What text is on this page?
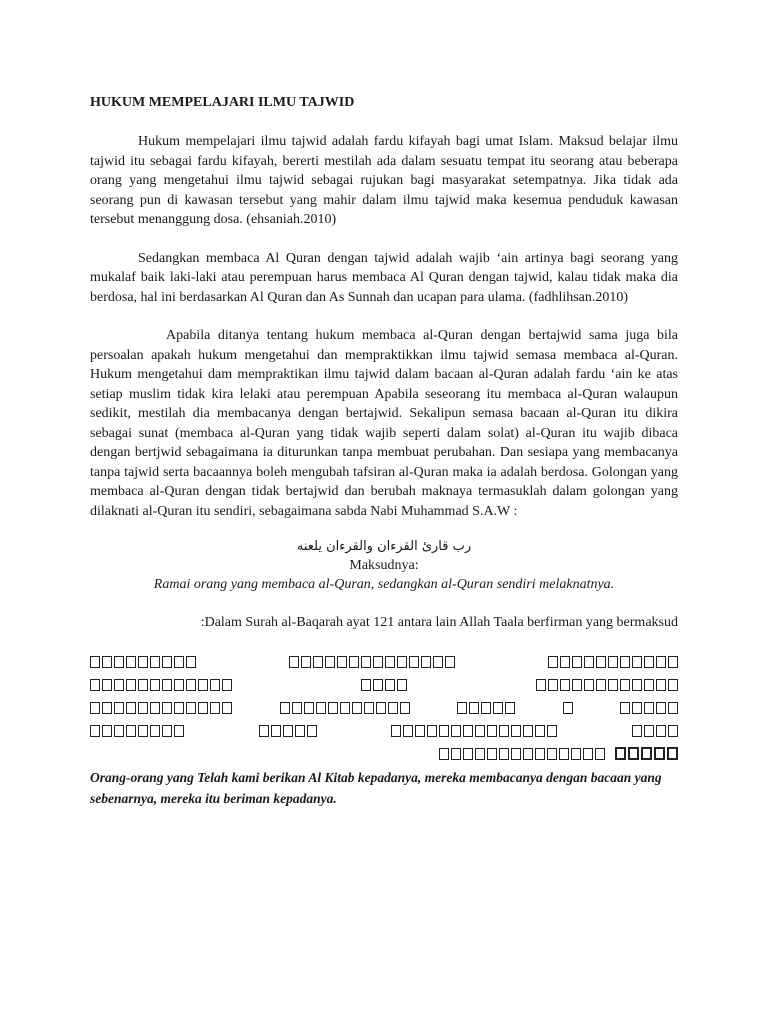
HUKUM MEMPELAJARI ILMU TAJWID

Hukum mempelajari ilmu tajwid adalah fardu kifayah bagi umat Islam. Maksud belajar ilmu tajwid itu sebagai fardu kifayah, bererti mestilah ada dalam sesuatu tempat itu seorang atau beberapa orang yang mengetahui ilmu tajwid sebagai rujukan bagi masyarakat setempatnya. Jika tidak ada seorang pun di kawasan tersebut yang mahir dalam ilmu tajwid maka kesemua penduduk kawasan tersebut menanggung dosa. (ehsaniah.2010)

Sedangkan membaca Al Quran dengan tajwid adalah wajib ‘ain artinya bagi seorang yang mukalaf baik laki-laki atau perempuan harus membaca Al Quran dengan tajwid, kalau tidak maka dia berdosa, hal ini berdasarkan Al Quran dan As Sunnah dan ucapan para ulama. (fadhlihsan.2010)

Apabila ditanya tentang hukum membaca al-Quran dengan bertajwid sama juga bila persoalan apakah hukum mengetahui dan mempraktikkan ilmu tajwid semasa membaca al-Quran. Hukum mengetahui dam mempraktikan ilmu tajwid dalam bacaan al-Quran adalah fardu ‘ain ke atas setiap muslim tidak kira lelaki atau perempuan Apabila seseorang itu membaca al-Quran walaupun sedikit, mestilah dia membacanya dengan bertajwid. Sekalipun semasa bacaan al-Quran itu dikira sebagai sunat (membaca al-Quran yang tidak wajib seperti dalam solat) al-Quran itu wajib dibaca dengan bertjwid sebagaimana ia diturunkan tanpa membuat perubahan. Dan sesiapa yang membacanya tanpa tajwid serta bacaannya boleh mengubah tafsiran al-Quran maka ia adalah berdosa. Golongan yang membaca al-Quran dengan tidak bertajwid dan berubah maknaya termasuklah dalam golongan yang dilaknati al-Quran itu sendiri, sebagaimana sabda Nabi Muhammad S.A.W :

رب قارئ القرءان والقرءان يلعنه

Maksudnya:

Ramai orang yang membaca al-Quran, sedangkan al-Quran sendiri melaknatnya.

:Dalam Surah al-Baqarah ayat 121 antara lain Allah Taala berfirman yang bermaksud

Orang-orang yang Telah kami berikan Al Kitab kepadanya, mereka membacanya dengan bacaan yang sebenarnya, mereka itu beriman kepadanya.
